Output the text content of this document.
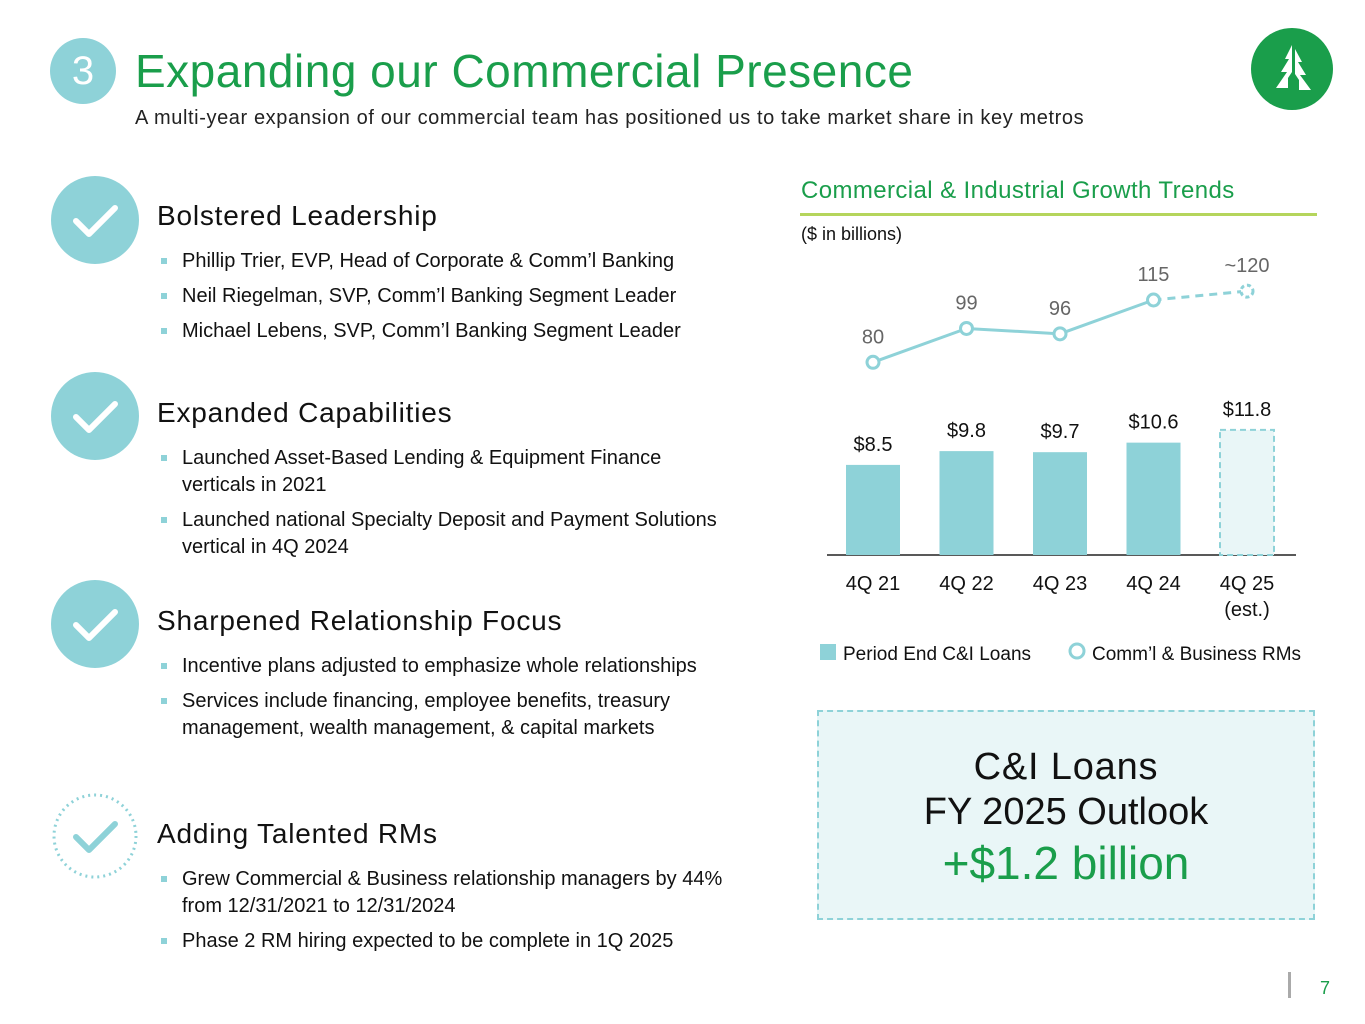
3 Expanding our Commercial Presence
A multi-year expansion of our commercial team has positioned us to take market share in key metros
Bolstered Leadership
Phillip Trier, EVP, Head of Corporate & Comm’l Banking
Neil Riegelman, SVP, Comm’l Banking Segment Leader
Michael Lebens, SVP, Comm’l Banking Segment Leader
Expanded Capabilities
Launched Asset-Based Lending & Equipment Finance verticals in 2021
Launched national Specialty Deposit and Payment Solutions vertical in 4Q 2024
Sharpened Relationship Focus
Incentive plans adjusted to emphasize whole relationships
Services include financing, employee benefits, treasury management, wealth management, & capital markets
Adding Talented RMs
Grew Commercial & Business relationship managers by 44% from 12/31/2021 to 12/31/2024
Phase 2 RM hiring expected to be complete in 1Q 2025
Commercial & Industrial Growth Trends
($ in billions)
$8.5
$9.8	$9.7 $10.6
$11.8
80
99	96
115	~120
4Q 21 4Q 22 4Q 23 4Q 24 4Q 25
(est.)
Period End C&I Loans	Comm’l & Business RMs
C&I Loans
FY 2025 Outlook
+$1.2 billion
7
